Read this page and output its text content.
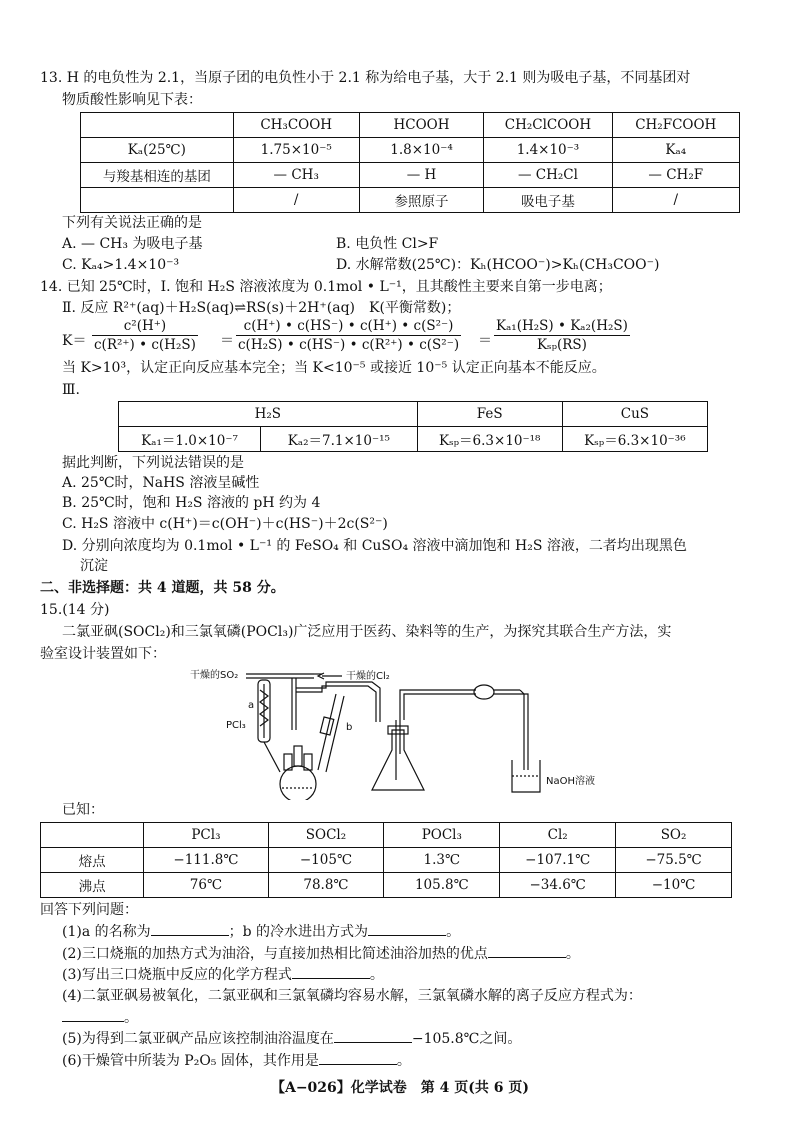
13. H 的电负性为 2.1，当原子团的电负性小于 2.1 称为给电子基，大于 2.1 则为吸电子基，不同基团对
物质酸性影响见下表：
	CH₃COOH	HCOOH	CH₂ClCOOH	CH₂FCOOH
Kₐ(25℃)	1.75×10⁻⁵	1.8×10⁻⁴	1.4×10⁻³	Kₐ₄
与羧基相连的基团	— CH₃	— H	— CH₂Cl	— CH₂F
	/	参照原子	吸电子基	/
下列有关说法正确的是
A. — CH₃ 为吸电子基	B. 电负性 Cl>F
C. Kₐ₄>1.4×10⁻³	D. 水解常数(25℃)：Kₕ(HCOO⁻)>Kₕ(CH₃COO⁻)
14. 已知 25℃时，Ⅰ. 饱和 H₂S 溶液浓度为 0.1mol • L⁻¹，且其酸性主要来自第一步电离；
Ⅱ. 反应 R²⁺(aq)＋H₂S(aq)⇌RS(s)＋2H⁺(aq)　K(平衡常数)；
$K= \frac{\text{c²(H⁺)}}{\text{c(R²⁺) • c(H₂S)}} = \frac{\text{c(H⁺) • c(HS⁻) • c(H⁺) • c(S²⁻)}}{\text{c(H₂S) • c(HS⁻) • c(R²⁺) • c(S²⁻)}}$ ＝
Kₐ₁(H₂S) • Kₐ₂(H₂S)
Kₛₚ(RS)
当 K>10³，认定正向反应基本完全；当 K<10⁻⁵ 或接近 10⁻⁵ 认定正向基本不能反应。
Ⅲ.
H₂S		FeS	CuS
Kₐ₁＝1.0×10⁻⁷	Kₐ₂＝7.1×10⁻¹⁵	Kₛₚ＝6.3×10⁻¹⁸	Kₛₚ＝6.3×10⁻³⁶
据此判断，下列说法错误的是
A. 25℃时，NaHS 溶液呈碱性
B. 25℃时，饱和 H₂S 溶液的 pH 约为 4
C. H₂S 溶液中 c(H⁺)＝c(OH⁻)＋c(HS⁻)＋2c(S²⁻)
D. 分别向浓度均为 0.1mol • L⁻¹ 的 FeSO₄ 和 CuSO₄ 溶液中滴加饱和 H₂S 溶液，二者均出现黑色
沉淀
二、非选择题：共 4 道题，共 58 分。
15.(14 分)
二氯亚砜(SOCl₂)和三氯氧磷(POCl₃)广泛应用于医药、染料等的生产，为探究其联合生产方法，实
验室设计装置如下：
干燥的SO₂	干燥的Cl₂
a
PCl₃	b
NaOH溶液
已知：
	PCl₃	SOCl₂	POCl₃	Cl₂	SO₂
熔点	−111.8℃	−105℃	1.3℃	−107.1℃	−75.5℃
沸点	76℃	78.8℃	105.8℃	−34.6℃	−10℃
回答下列问题：
(1)a 的名称为	；b 的冷水进出方式为	。
(2)三口烧瓶的加热方式为油浴，与直接加热相比简述油浴加热的优点	。
(3)写出三口烧瓶中反应的化学方程式	。
(4)二氯亚砜易被氧化，二氯亚砜和三氯氧磷均容易水解，三氯氧磷水解的离子反应方程式为：
。
(5)为得到二氯亚砜产品应该控制油浴温度在	−105.8℃之间。
(6)干燥管中所装为 P₂O₅ 固体，其作用是	。
【A−026】化学试卷　第 4 页(共 6 页)
